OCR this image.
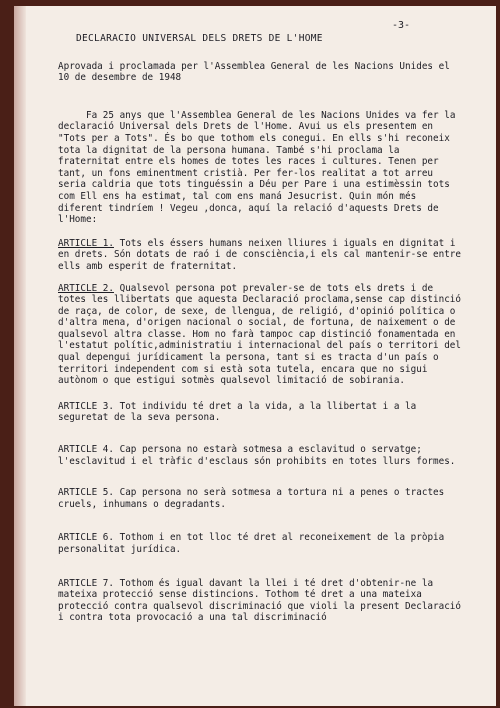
-3-

DECLARACIO UNIVERSAL DELS DRETS DE L'HOME

Aprovada i proclamada per l'Assemblea General de les Nacions Unides el 10 de desembre de 1948

Fa 25 anys que l'Assemblea General de les Nacions Unides va fer la declaració Universal dels Drets de l'Home. Avui us els presentem en "Tots per a Tots". És bo que tothom els conegui. En ells s'hi reconeix tota la dignitat de la persona humana. També s'hi proclama la fraternitat entre els homes de totes les races i cultures. Tenen per tant, un fons eminentment cristià. Per fer-los realitat a tot arreu seria caldria que tots tinguéssin a Déu per Pare i una estimèssin tots com Ell ens ha estimat, tal com ens maná Jesucrist. Quin món més diferent tindríem ! Vegeu ,donca, aquí la relació d'aquests Drets de l'Home:

ARTICLE 1. Tots els éssers humans neixen lliures i iguals en dignitat i en drets. Són dotats de raó i de consciència,i els cal mantenir-se entre ells amb esperit de fraternitat.

ARTICLE 2. Qualsevol persona pot prevaler-se de tots els drets i de totes les llibertats que aquesta Declaració proclama,sense cap distinció de raça, de color, de sexe, de llengua, de religió, d'opinió política o d'altra mena, d'origen nacional o social, de fortuna, de naixement o de qualsevol altra classe. Hom no farà tampoc cap distinció fonamentada en l'estatut polític,administratiu i internacional del país o territori del qual depengui jurídicament la persona, tant si es tracta d'un país o territori independent com si està sota tutela, encara que no sigui autònom o que estigui sotmès qualsevol limitació de sobirania.

ARTICLE 3. Tot individu té dret a la vida, a la llibertat i a la seguretat de la seva persona.

ARTICLE 4. Cap persona no estarà sotmesa a esclavitud o servatge; l'esclavitud i el tràfic d'esclaus són prohibits en totes llurs formes.

ARTICLE 5. Cap persona no serà sotmesa a tortura ni a penes o tractes cruels, inhumans o degradants.

ARTICLE 6. Tothom i en tot lloc té dret al reconeixement de la pròpia personalitat jurídica.

ARTICLE 7. Tothom és igual davant la llei i té dret d'obtenir-ne la mateixa protecció sense distincions. Tothom té dret a una mateixa protecció contra qualsevol discriminació que violi la present Declaració i contra tota provocació a una tal discriminació
